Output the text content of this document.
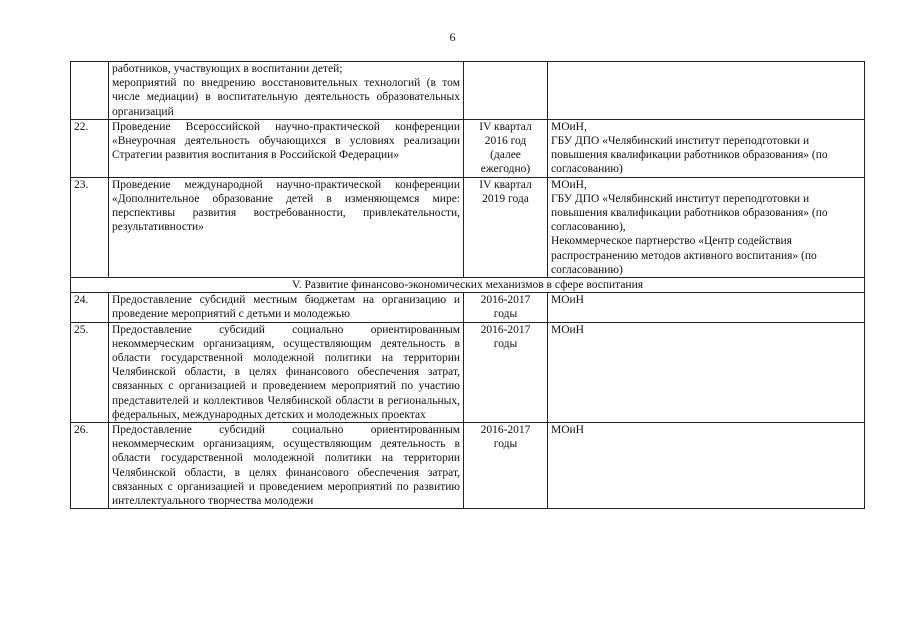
6

	работников, участвующих в воспитании детей;
мероприятий по внедрению восстановительных технологий (в том числе медиации) в воспитательную деятельность образовательных организаций		

22.	Проведение Всероссийской научно-практической конференции «Внеурочная деятельность обучающихся в условиях реализации Стратегии развития воспитания в Российской Федерации»	IV квартал
2016 год
(далее
ежегодно)	МОиН,
ГБУ ДПО «Челябинский институт переподготовки и повышения квалификации работников образования» (по согласованию)

23.	Проведение международной научно-практической конференции «Дополнительное образование детей в изменяющемся мире: перспективы развития востребованности, привлекательности, результативности»	IV квартал
2019 года	МОиН,
ГБУ ДПО «Челябинский институт переподготовки и повышения квалификации работников образования» (по согласованию),
Некоммерческое партнерство «Центр содействия распространению методов активного воспитания» (по согласованию)

V. Развитие финансово-экономических механизмов в сфере воспитания			
24.	Предоставление субсидий местным бюджетам на организацию и проведение мероприятий с детьми и молодежью	2016-2017
годы	МОиН
25.	Предоставление субсидий социально ориентированным некоммерческим организациям, осуществляющим деятельность в области государственной молодежной политики на территории Челябинской области, в целях финансового обеспечения затрат, связанных с организацией и проведением мероприятий по участию представителей и коллективов Челябинской области в региональных, федеральных, международных детских и молодежных проектах	2016-2017
годы	МОиН
26.	Предоставление субсидий социально ориентированным некоммерческим организациям, осуществляющим деятельность в области государственной молодежной политики на территории Челябинской области, в целях финансового обеспечения затрат, связанных с организацией и проведением мероприятий по развитию интеллектуального творчества молодежи	2016-2017
годы	МОиН
